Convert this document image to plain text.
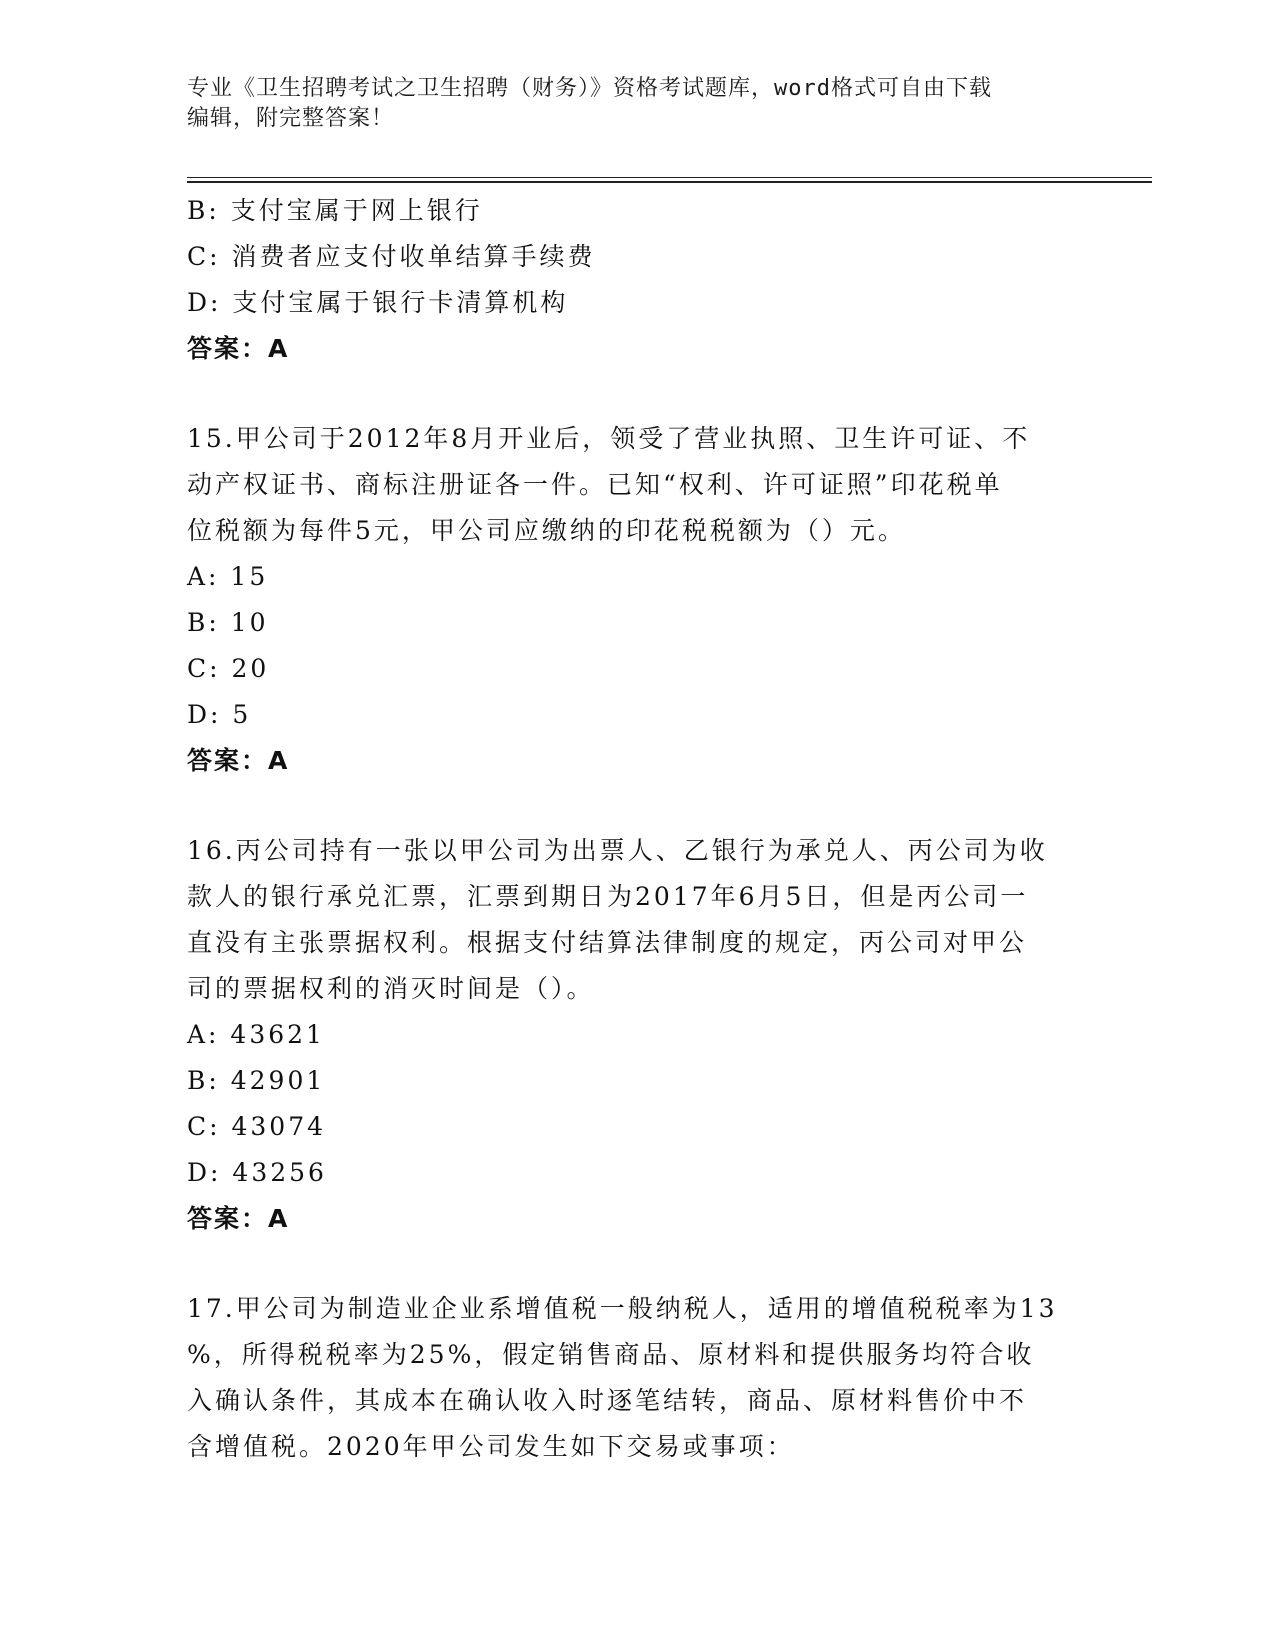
专业《卫生招聘考试之卫生招聘（财务）》资格考试题库，word格式可自由下载
编辑，附完整答案！
B: 支付宝属于网上银行
C: 消费者应支付收单结算手续费
D: 支付宝属于银行卡清算机构
答案：A
15.甲公司于2012年8月开业后，领受了营业执照、卫生许可证、不
动产权证书、商标注册证各一件。已知“权利、许可证照”印花税单
位税额为每件5元，甲公司应缴纳的印花税税额为（）元。
A: 15
B: 10
C: 20
D: 5
答案：A
16.丙公司持有一张以甲公司为出票人、乙银行为承兑人、丙公司为收
款人的银行承兑汇票，汇票到期日为2017年6月5日，但是丙公司一
直没有主张票据权利。根据支付结算法律制度的规定，丙公司对甲公
司的票据权利的消灭时间是（）。
A: 43621
B: 42901
C: 43074
D: 43256
答案：A
17.甲公司为制造业企业系增值税一般纳税人，适用的增值税税率为13
%，所得税税率为25%，假定销售商品、原材料和提供服务均符合收
入确认条件，其成本在确认收入时逐笔结转，商品、原材料售价中不
含增值税。2020年甲公司发生如下交易或事项：
